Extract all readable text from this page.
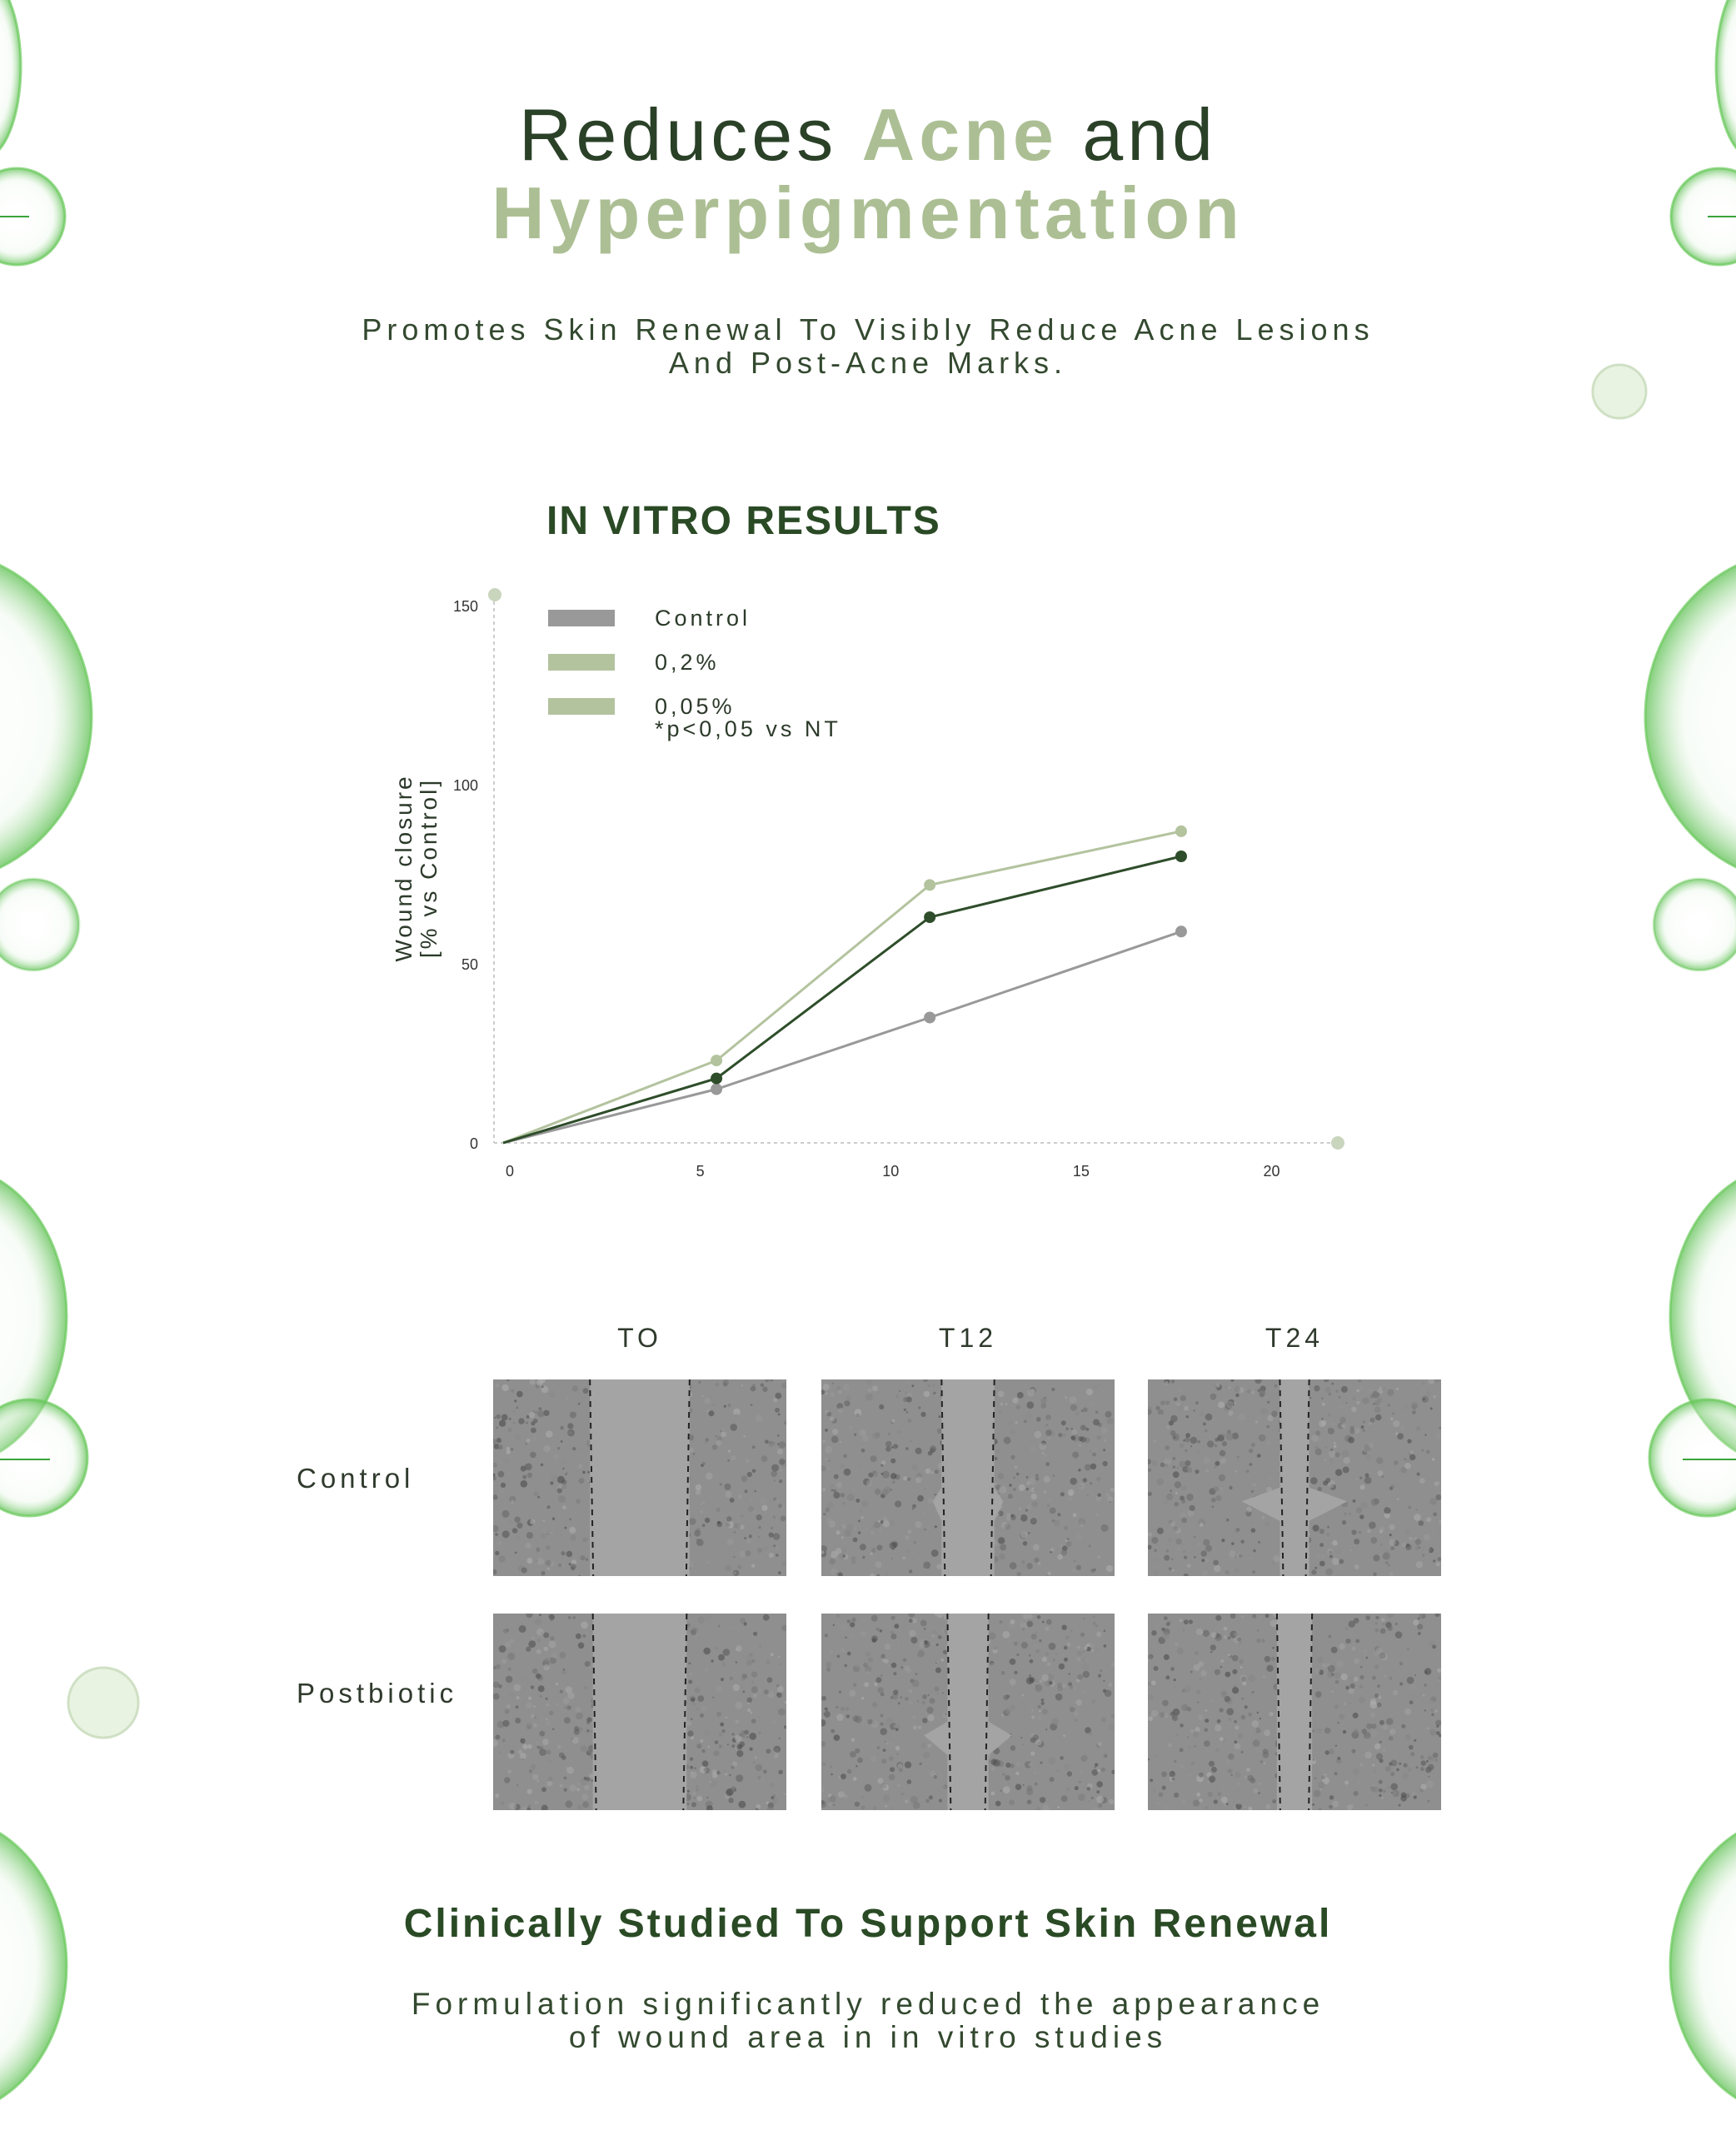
Reduces Acne and
Hyperpigmentation
Promotes Skin Renewal To Visibly Reduce Acne Lesions
And Post-Acne Marks.
IN VITRO RESULTS
0
50
100
150
0	5	10	15	20
Wound closure [% vs Control]
Control
0,2%
0,05%
*p<0,05 vs NT
TO	T12	T24
Control
Postbiotic
Clinically Studied To Support Skin Renewal
Formulation significantly reduced the appearance
of wound area in in vitro studies
